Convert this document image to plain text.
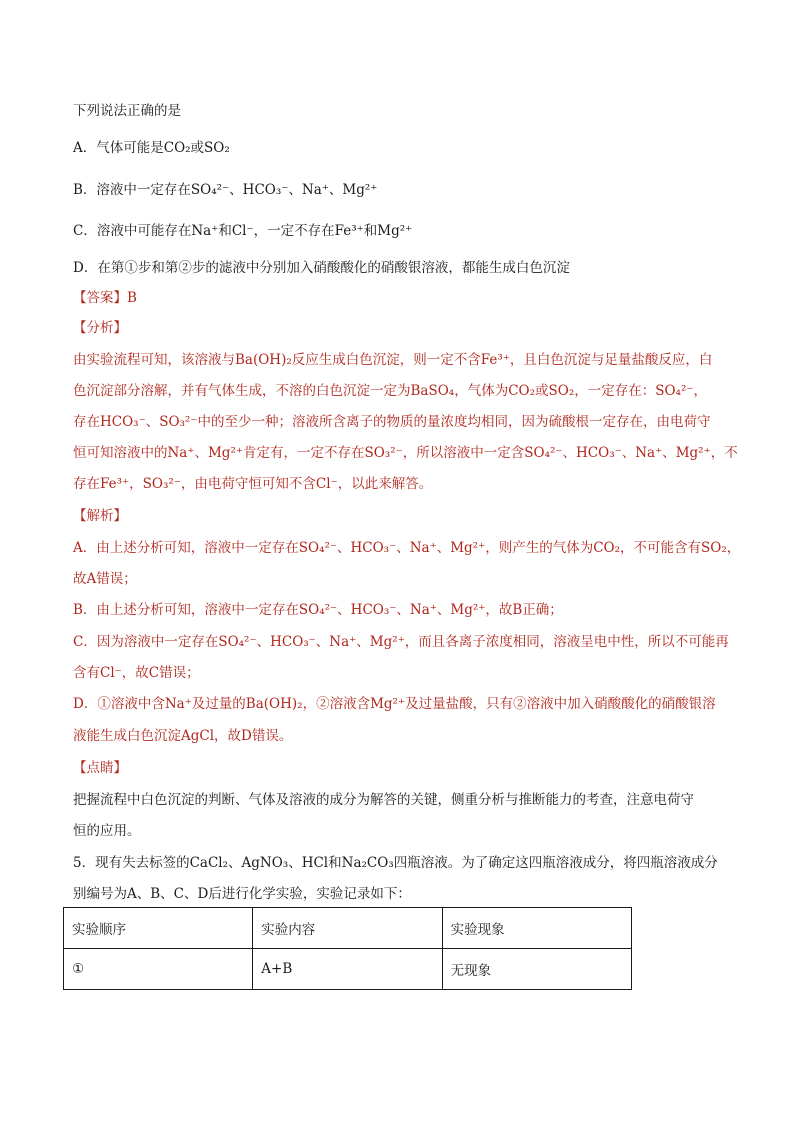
下列说法正确的是
A．气体可能是CO₂或SO₂
B．溶液中一定存在SO₄²⁻、HCO₃⁻、Na⁺、Mg²⁺
C．溶液中可能存在Na⁺和Cl⁻，一定不存在Fe³⁺和Mg²⁺
D．在第①步和第②步的滤液中分别加入硝酸酸化的硝酸银溶液，都能生成白色沉淀
【答案】B
【分析】
由实验流程可知，该溶液与Ba(OH)₂反应生成白色沉淀，则一定不含Fe³⁺，且白色沉淀与足量盐酸反应，白
色沉淀部分溶解，并有气体生成，不溶的白色沉淀一定为BaSO₄，气体为CO₂或SO₂，一定存在：SO₄²⁻，
存在HCO₃⁻、SO₃²⁻中的至少一种；溶液所含离子的物质的量浓度均相同，因为硫酸根一定存在，由电荷守
恒可知溶液中的Na⁺、Mg²⁺肯定有，一定不存在SO₃²⁻，所以溶液中一定含SO₄²⁻、HCO₃⁻、Na⁺、Mg²⁺，不
存在Fe³⁺，SO₃²⁻，由电荷守恒可知不含Cl⁻，以此来解答。
【解析】
A．由上述分析可知，溶液中一定存在SO₄²⁻、HCO₃⁻、Na⁺、Mg²⁺，则产生的气体为CO₂，不可能含有SO₂，
故A错误；
B．由上述分析可知，溶液中一定存在SO₄²⁻、HCO₃⁻、Na⁺、Mg²⁺，故B正确；
C．因为溶液中一定存在SO₄²⁻、HCO₃⁻、Na⁺、Mg²⁺，而且各离子浓度相同，溶液呈电中性，所以不可能再
含有Cl⁻，故C错误；
D．①溶液中含Na⁺及过量的Ba(OH)₂，②溶液含Mg²⁺及过量盐酸，只有②溶液中加入硝酸酸化的硝酸银溶
液能生成白色沉淀AgCl，故D错误。
【点睛】
把握流程中白色沉淀的判断、气体及溶液的成分为解答的关键，侧重分析与推断能力的考查，注意电荷守
恒的应用。
5．现有失去标签的CaCl₂、AgNO₃、HCl和Na₂CO₃四瓶溶液。为了确定这四瓶溶液成分，将四瓶溶液成分
别编号为A、B、C、D后进行化学实验，实验记录如下：
实验顺序	实验内容	实验现象
①	A+B	无现象
